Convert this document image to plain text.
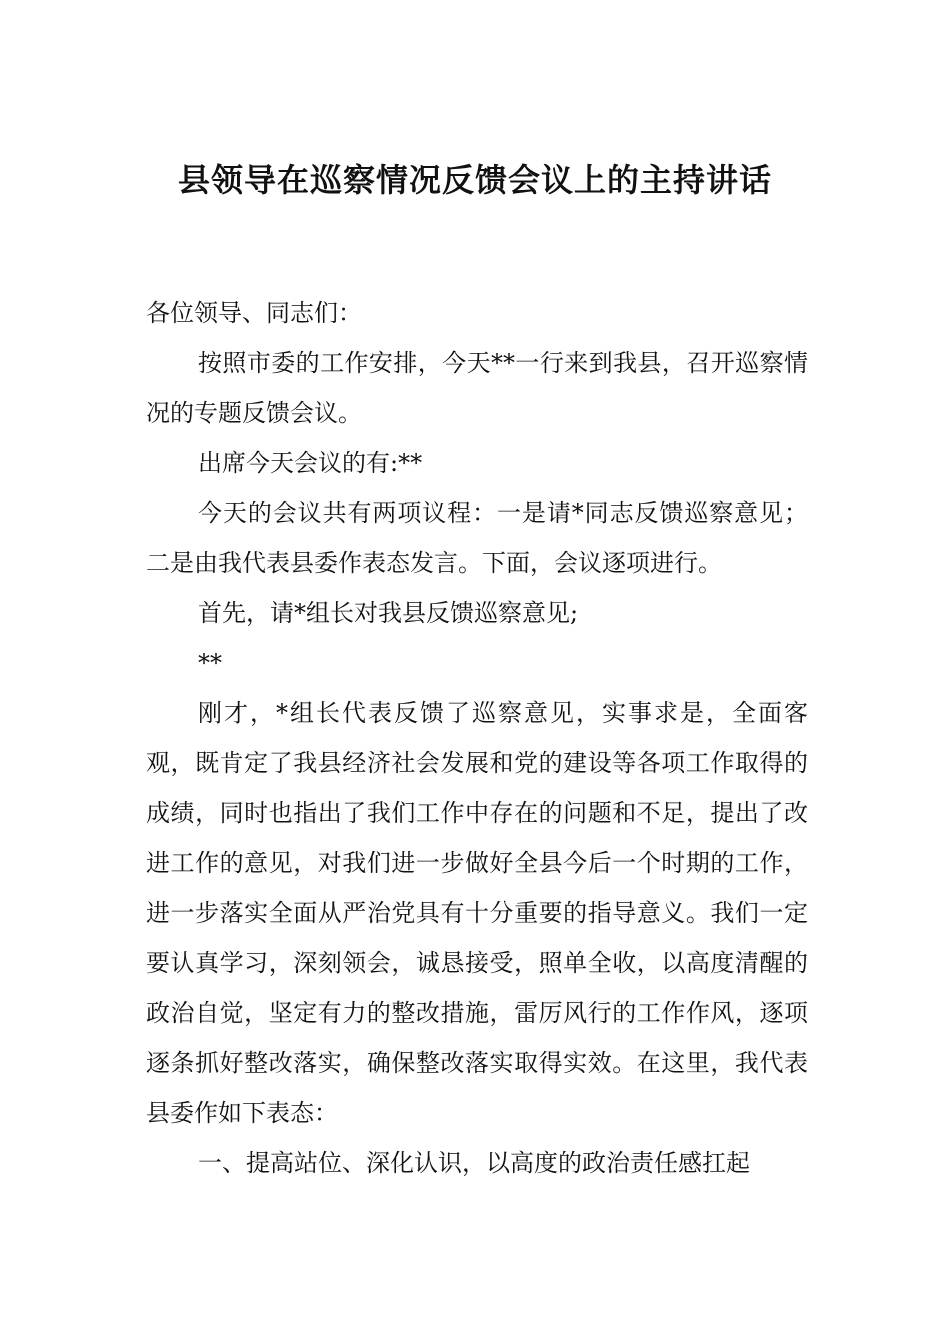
县领导在巡察情况反馈会议上的主持讲话

各位领导、同志们：

按照市委的工作安排，今天**一行来到我县，召开巡察情况的专题反馈会议。

出席今天会议的有:**

今天的会议共有两项议程：一是请*同志反馈巡察意见；二是由我代表县委作表态发言。下面，会议逐项进行。

首先，请*组长对我县反馈巡察意见;

**

刚才，*组长代表反馈了巡察意见，实事求是，全面客观，既肯定了我县经济社会发展和党的建设等各项工作取得的成绩，同时也指出了我们工作中存在的问题和不足，提出了改进工作的意见，对我们进一步做好全县今后一个时期的工作，进一步落实全面从严治党具有十分重要的指导意义。我们一定要认真学习，深刻领会，诚恳接受，照单全收，以高度清醒的政治自觉，坚定有力的整改措施，雷厉风行的工作作风，逐项逐条抓好整改落实，确保整改落实取得实效。在这里，我代表县委作如下表态：

一、提高站位、深化认识，以高度的政治责任感扛起
